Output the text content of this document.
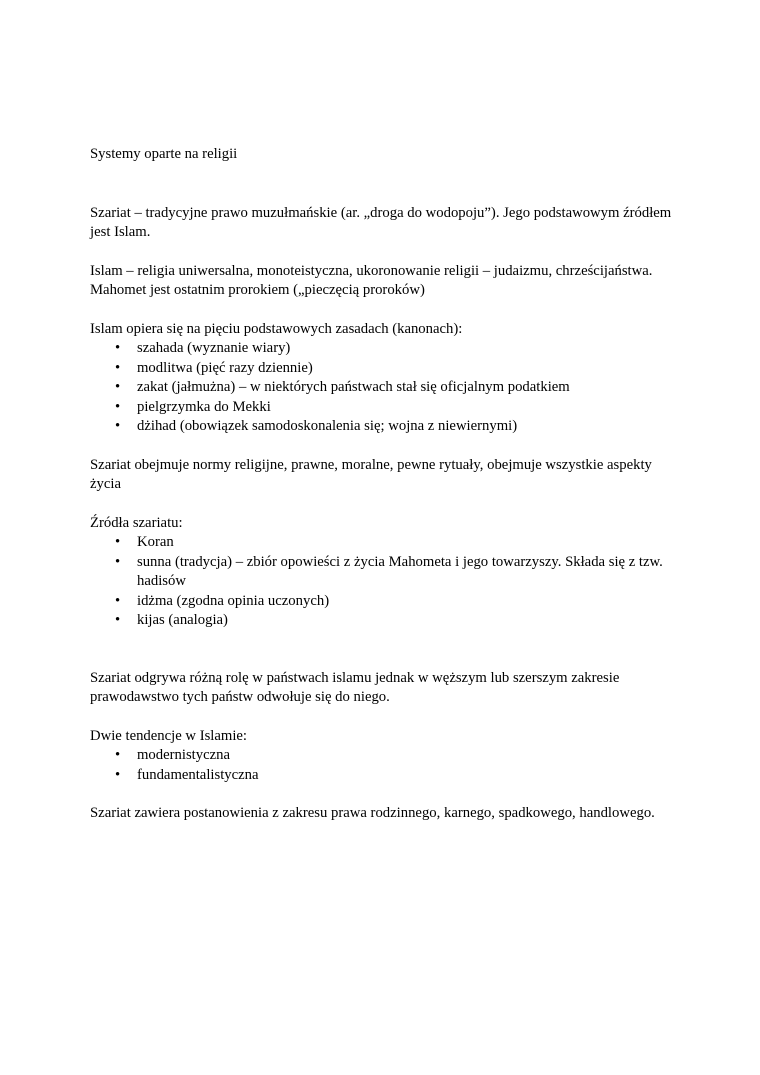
Systemy oparte na religii

Szariat – tradycyjne prawo muzułmańskie (ar. „droga do wodopoju”). Jego podstawowym źródłem jest Islam.

Islam – religia uniwersalna, monoteistyczna, ukoronowanie religii – judaizmu, chrześcijaństwa. Mahomet jest ostatnim prorokiem („pieczęcią proroków)

Islam opiera się na pięciu podstawowych zasadach (kanonach):

• szahada (wyznanie wiary)
• modlitwa (pięć razy dziennie)
• zakat (jałmużna) – w niektórych państwach stał się oficjalnym podatkiem
• pielgrzymka do Mekki
• dżihad (obowiązek samodoskonalenia się; wojna z niewiernymi)

Szariat obejmuje normy religijne, prawne, moralne, pewne rytuały, obejmuje wszystkie aspekty życia

Źródła szariatu:

• Koran
• sunna (tradycja) – zbiór opowieści z życia Mahometa i jego towarzyszy. Składa się z tzw. hadisów
• idżma (zgodna opinia uczonych)
• kijas (analogia)

Szariat odgrywa różną rolę w państwach islamu jednak w węższym lub szerszym zakresie prawodawstwo tych państw odwołuje się do niego.

Dwie tendencje w Islamie:

• modernistyczna
• fundamentalistyczna

Szariat zawiera postanowienia z zakresu prawa rodzinnego, karnego, spadkowego, handlowego.
